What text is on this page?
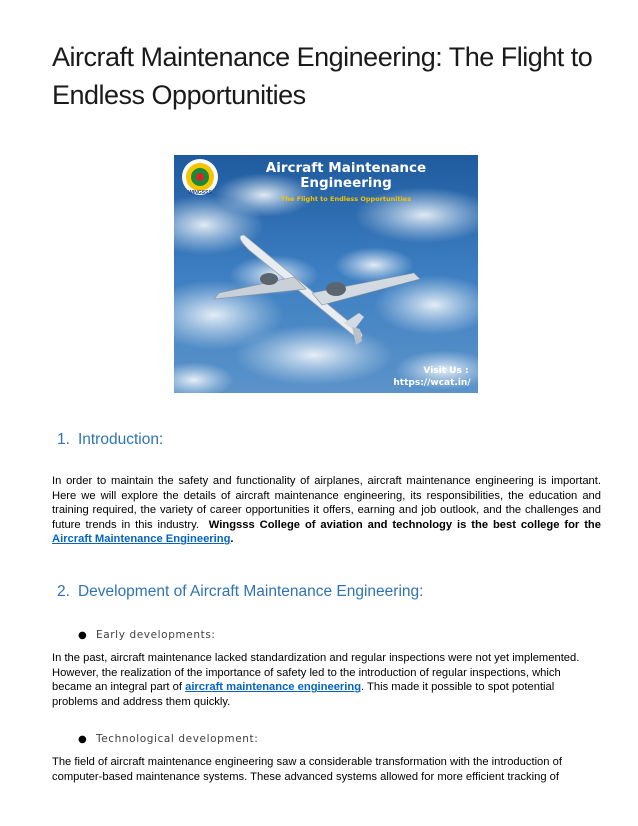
Aircraft Maintenance Engineering: The Flight to Endless Opportunities
WINGSSS
Aircraft Maintenance
Engineering
The Flight to Endless Opportunities
Visit Us :
https://wcat.in/
1. Introduction:

In order to maintain the safety and functionality of airplanes, aircraft maintenance engineering is important. Here we will explore the details of aircraft maintenance engineering, its responsibilities, the education and training required, the variety of career opportunities it offers, earning and job outlook, and the challenges and future trends in this industry. Wingsss College of aviation and technology is the best college for the Aircraft Maintenance Engineering.

2. Development of Aircraft Maintenance Engineering:
● Early developments:

In the past, aircraft maintenance lacked standardization and regular inspections were not yet implemented. However, the realization of the importance of safety led to the introduction of regular inspections, which became an integral part of aircraft maintenance engineering. This made it possible to spot potential problems and address them quickly.

● Technological development:

The field of aircraft maintenance engineering saw a considerable transformation with the introduction of computer-based maintenance systems. These advanced systems allowed for more efficient tracking of
